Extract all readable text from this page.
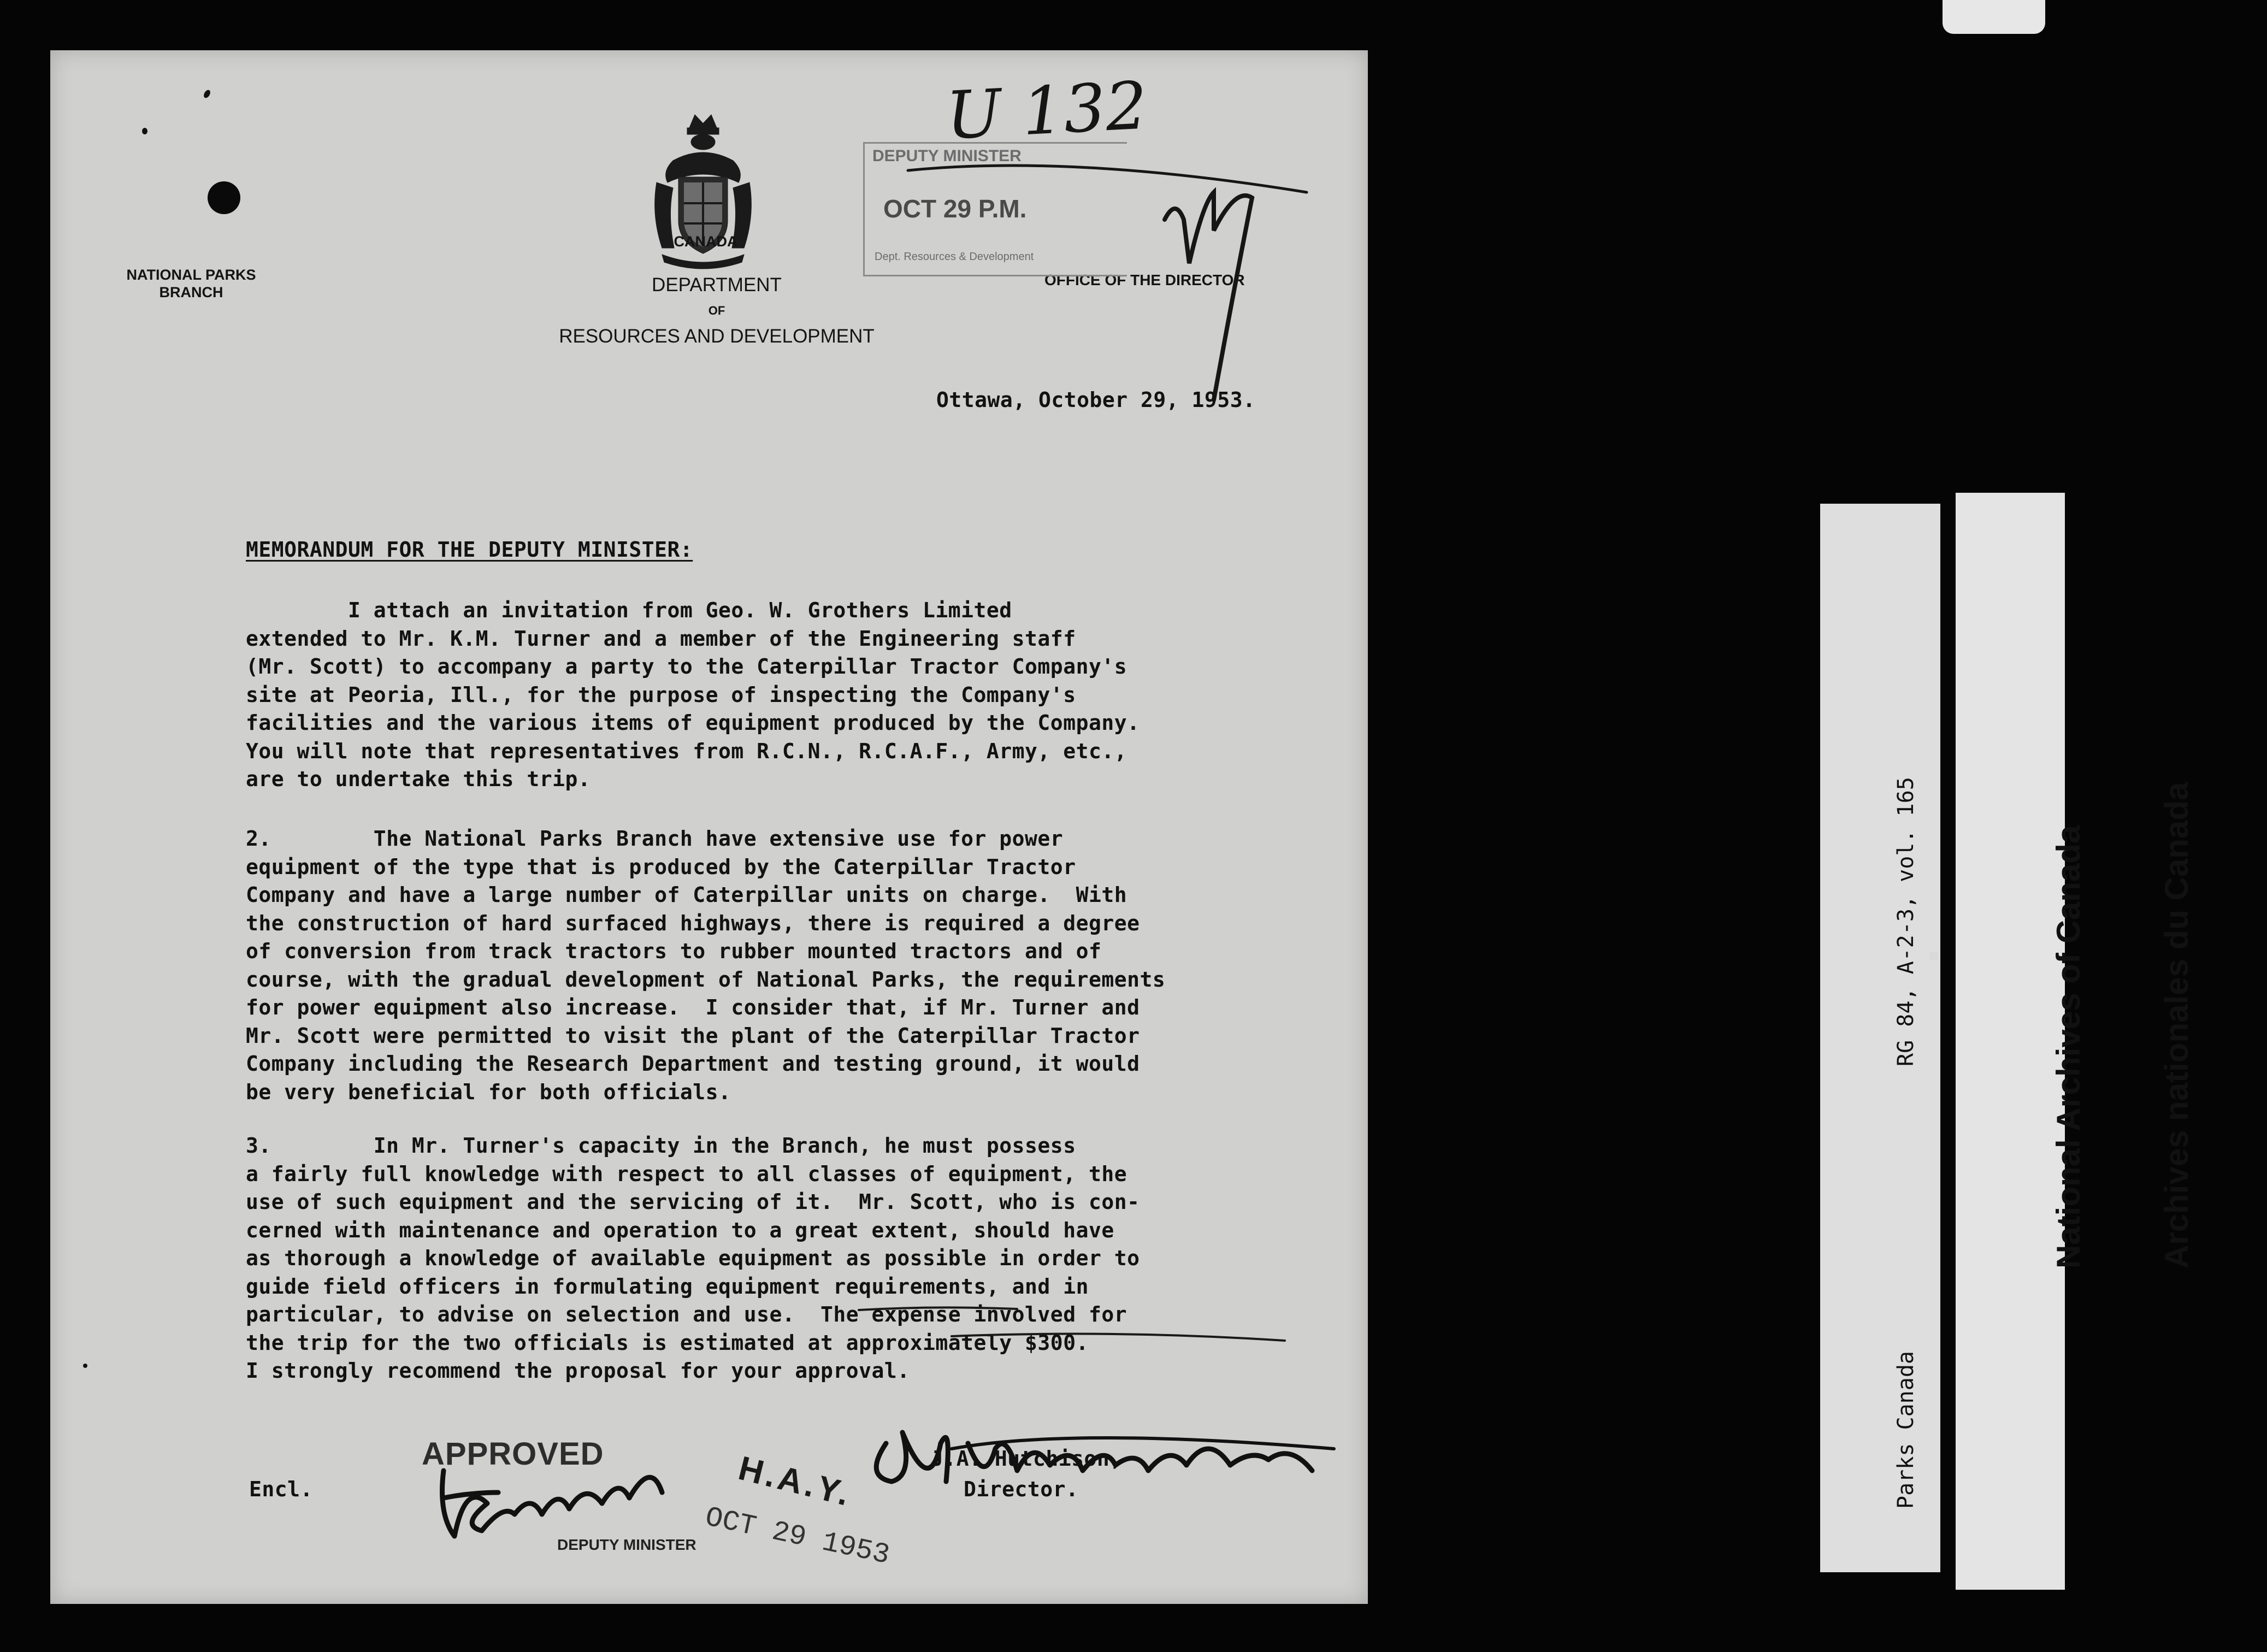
CANADA
NATIONAL PARKS
BRANCH	DEPARTMENT
OF
RESOURCES AND DEVELOPMENT
OFFICE OF THE DIRECTOR
DEPUTY MINISTER
OCT 29 P.M.
Dept. Resources & Development
U 132
Ottawa, October 29, 1953.
MEMORANDUM FOR THE DEPUTY MINISTER:
I attach an invitation from Geo. W. Grothers Limited
extended to Mr. K.M. Turner and a member of the Engineering staff
(Mr. Scott) to accompany a party to the Caterpillar Tractor Company's
site at Peoria, Ill., for the purpose of inspecting the Company's
facilities and the various items of equipment produced by the Company.
You will note that representatives from R.C.N., R.C.A.F., Army, etc.,
are to undertake this trip.
2.        The National Parks Branch have extensive use for power
equipment of the type that is produced by the Caterpillar Tractor
Company and have a large number of Caterpillar units on charge.  With
the construction of hard surfaced highways, there is required a degree
of conversion from track tractors to rubber mounted tractors and of
course, with the gradual development of National Parks, the requirements
for power equipment also increase.  I consider that, if Mr. Turner and
Mr. Scott were permitted to visit the plant of the Caterpillar Tractor
Company including the Research Department and testing ground, it would
be very beneficial for both officials.
3.        In Mr. Turner's capacity in the Branch, he must possess
a fairly full knowledge with respect to all classes of equipment, the
use of such equipment and the servicing of it.  Mr. Scott, who is con-
cerned with maintenance and operation to a great extent, should have
as thorough a knowledge of available equipment as possible in order to
guide field officers in formulating equipment requirements, and in
particular, to advise on selection and use.  The expense involved for
the trip for the two officials is estimated at approximately $300.
I strongly recommend the proposal for your approval.
J.A. Hutchison,
Director.
Encl.
APPROVED	H.A.Y.
DEPUTY MINISTER OCT 29 1953

RG 84, A-2-3, vol. 165

Parks Canada

National Archives of Canada

Archives nationales du Canada
